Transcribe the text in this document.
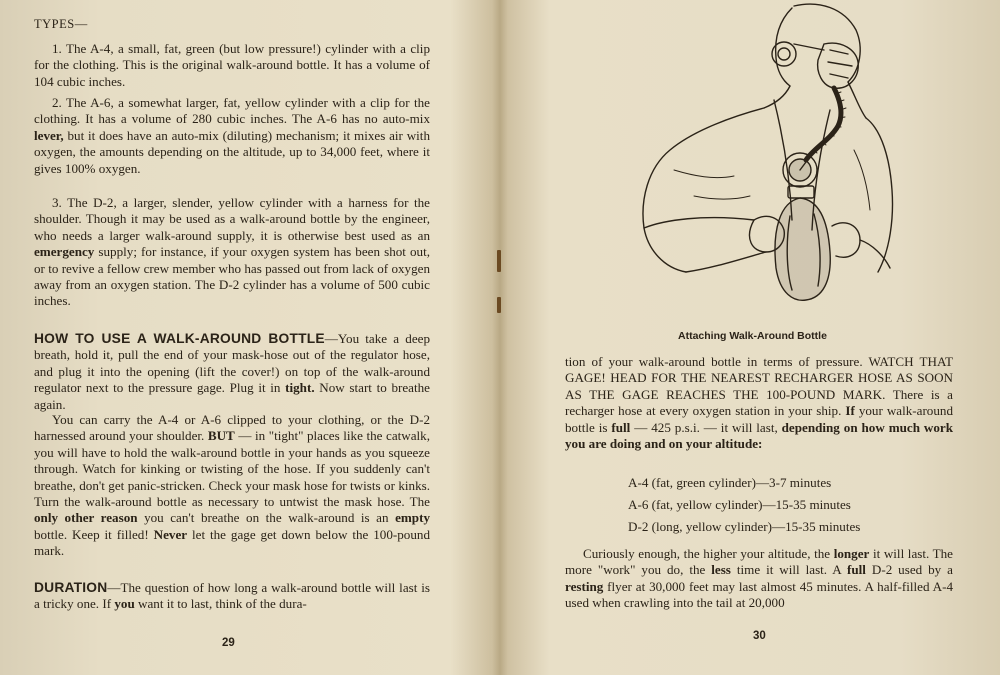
TYPES—

1. The A-4, a small, fat, green (but low pressure!) cylinder with a clip for the clothing. This is the original walk-around bottle. It has a volume of 104 cubic inches.

2. The A-6, a somewhat larger, fat, yellow cylinder with a clip for the clothing. It has a volume of 280 cubic inches. The A-6 has no auto-mix lever, but it does have an auto-mix (diluting) mechanism; it mixes air with oxygen, the amounts depending on the altitude, up to 34,000 feet, where it gives 100% oxygen.

3. The D-2, a larger, slender, yellow cylinder with a harness for the shoulder. Though it may be used as a walk-around bottle by the engineer, who needs a larger walk-around supply, it is otherwise best used as an emergency supply; for instance, if your oxygen system has been shot out, or to revive a fellow crew member who has passed out from lack of oxygen away from an oxygen station. The D-2 cylinder has a volume of 500 cubic inches.

HOW TO USE A WALK-AROUND BOTTLE—You take a deep breath, hold it, pull the end of your mask-hose out of the regulator hose, and plug it into the opening (lift the cover!) on top of the walk-around regulator next to the pressure gage. Plug it in tight. Now start to breathe again.

You can carry the A-4 or A-6 clipped to your clothing, or the D-2 harnessed around your shoulder. BUT — in "tight" places like the catwalk, you will have to hold the walk-around bottle in your hands as you squeeze through. Watch for kinking or twisting of the hose. If you suddenly can't breathe, don't get panic-stricken. Check your mask hose for twists or kinks. Turn the walk-around bottle as necessary to untwist the mask hose. The only other reason you can't breathe on the walk-around is an empty bottle. Keep it filled! Never let the gage get down below the 100-pound mark.

DURATION—The question of how long a walk-around bottle will last is a tricky one. If you want it to last, think of the dura-

29
Attaching Walk-Around Bottle

tion of your walk-around bottle in terms of pressure. WATCH THAT GAGE! HEAD FOR THE NEAREST RECHARGER HOSE AS SOON AS THE GAGE REACHES THE 100-POUND MARK. There is a recharger hose at every oxygen station in your ship. If your walk-around bottle is full — 425 p.s.i. — it will last, depending on how much work you are doing and on your altitude:

A-4 (fat, green cylinder)—3-7 minutes
A-6 (fat, yellow cylinder)—15-35 minutes
D-2 (long, yellow cylinder)—15-35 minutes

Curiously enough, the higher your altitude, the longer it will last. The more "work" you do, the less time it will last. A full D-2 used by a resting flyer at 30,000 feet may last almost 45 minutes. A half-filled A-4 used when crawling into the tail at 20,000

30
